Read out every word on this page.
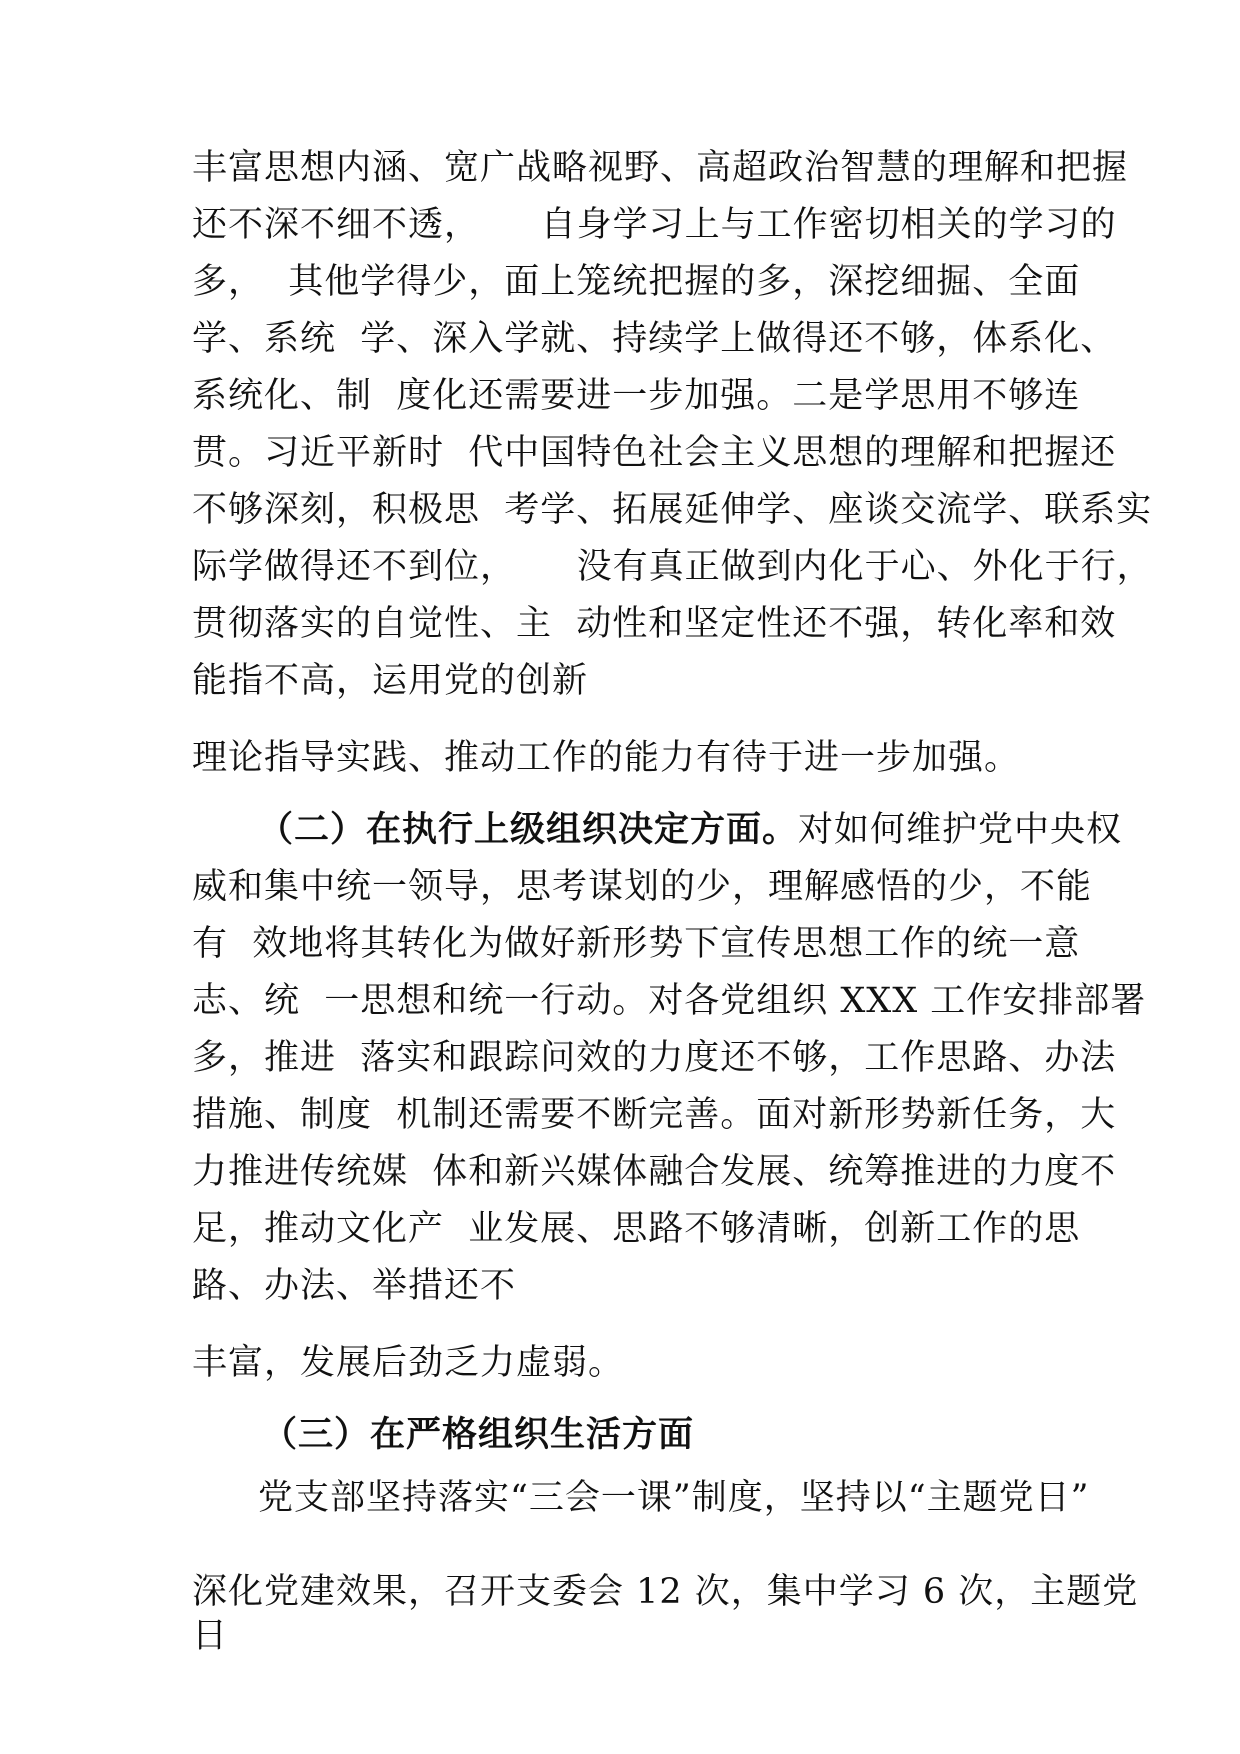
丰富思想内涵、宽广战略视野、高超政治智慧的理解和把握
还不深不细不透，     自身学习上与工作密切相关的学习的
多，  其他学得少，面上笼统把握的多，深挖细掘、全面
学、系统  学、深入学就、持续学上做得还不够，体系化、
系统化、制  度化还需要进一步加强。二是学思用不够连
贯。习近平新时  代中国特色社会主义思想的理解和把握还
不够深刻，积极思  考学、拓展延伸学、座谈交流学、联系实
际学做得还不到位，     没有真正做到内化于心、外化于行，
贯彻落实的自觉性、主  动性和坚定性还不强，转化率和效
能指不高，运用党的创新
理论指导实践、推动工作的能力有待于进一步加强。
（二）在执行上级组织决定方面。对如何维护党中央权
威和集中统一领导，思考谋划的少，理解感悟的少，不能
有  效地将其转化为做好新形势下宣传思想工作的统一意
志、统  一思想和统一行动。对各党组织 XXX 工作安排部署
多，推进  落实和跟踪问效的力度还不够，工作思路、办法
措施、制度  机制还需要不断完善。面对新形势新任务，大
力推进传统媒  体和新兴媒体融合发展、统筹推进的力度不
足，推动文化产  业发展、思路不够清晰，创新工作的思
路、办法、举措还不
丰富，发展后劲乏力虚弱。
（三）在严格组织生活方面
党支部坚持落实“三会一课”制度，坚持以“主题党日”
深化党建效果，召开支委会 12 次，集中学习 6 次，主题党
日
